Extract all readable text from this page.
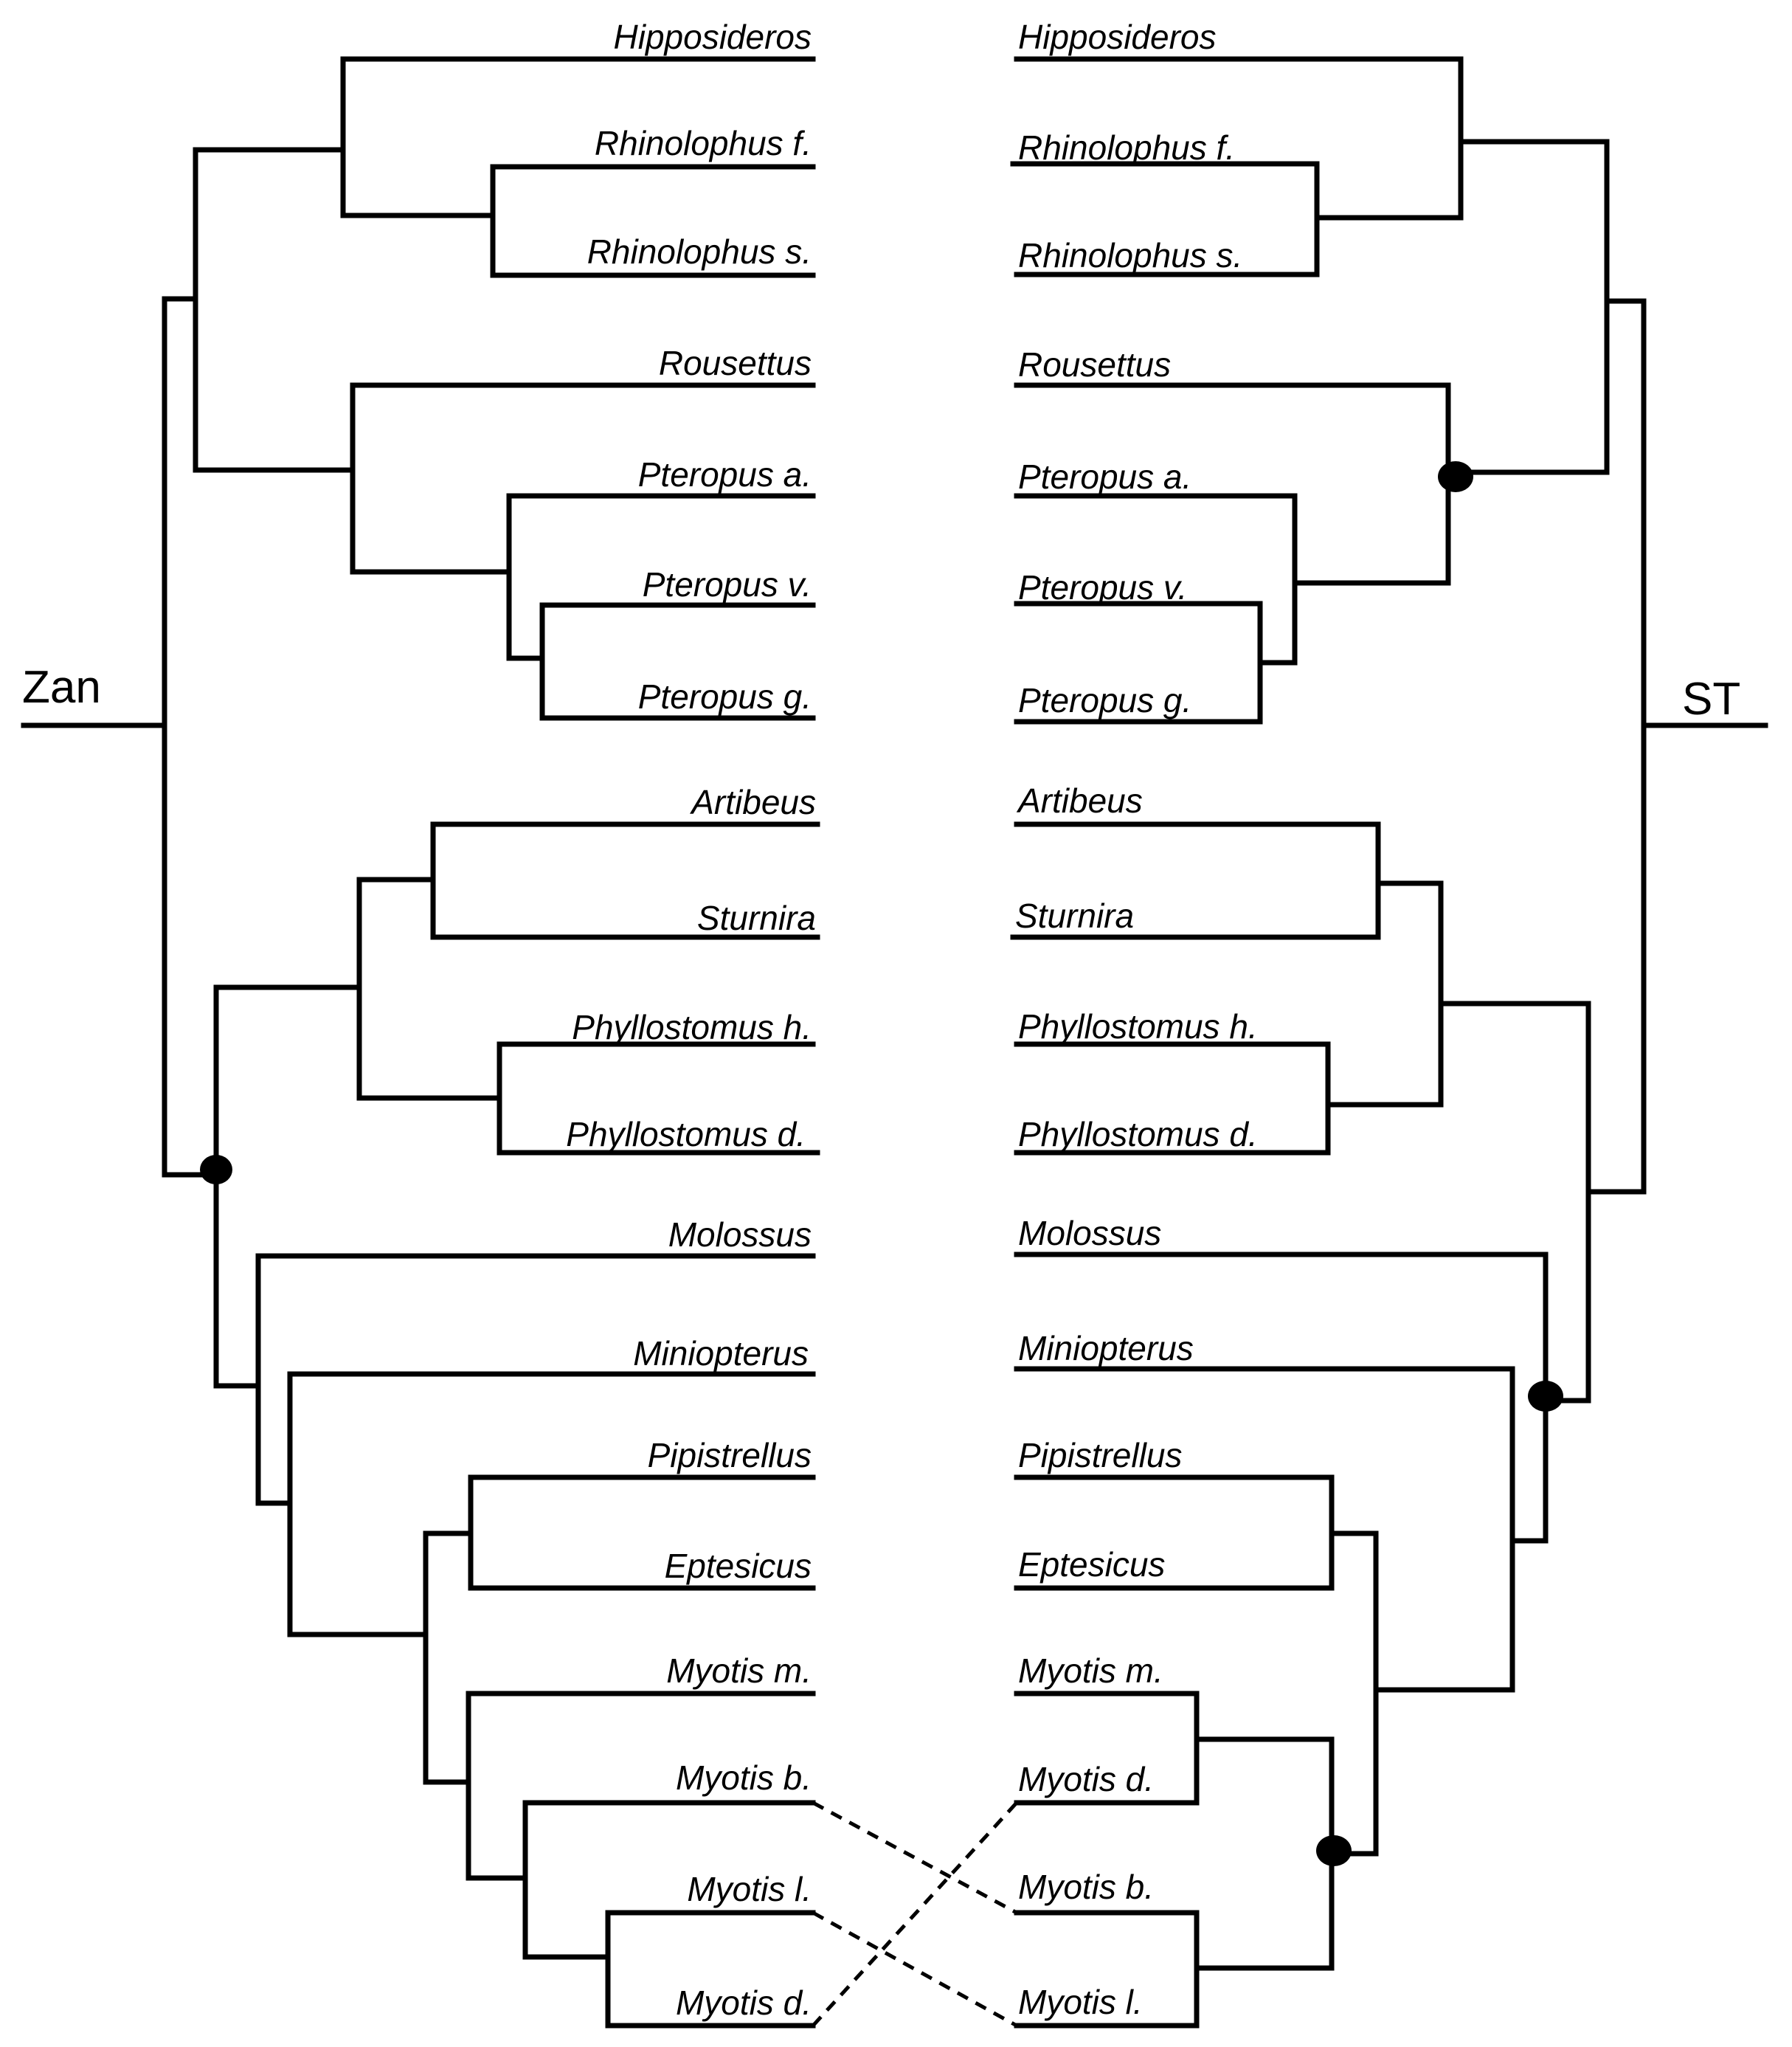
Zan	ST
Hipposideros
Rhinolophus f.
Rhinolophus s.
Rousettus
Pteropus a.
Pteropus v.
Pteropus g.
Artibeus
Sturnira
Phyllostomus h.
Phyllostomus d.
Molossus
Miniopterus
Pipistrellus
Eptesicus
Myotis m.
Myotis b.
Myotis l.
Myotis d.
Hipposideros
Rhinolophus f.
Rhinolophus s.
Rousettus
Pteropus a.
Pteropus v.
Pteropus g.
Artibeus
Sturnira
Phyllostomus h.
Phyllostomus d.
Molossus
Miniopterus
Pipistrellus
Eptesicus
Myotis m.
Myotis d.
Myotis b.
Myotis l.
